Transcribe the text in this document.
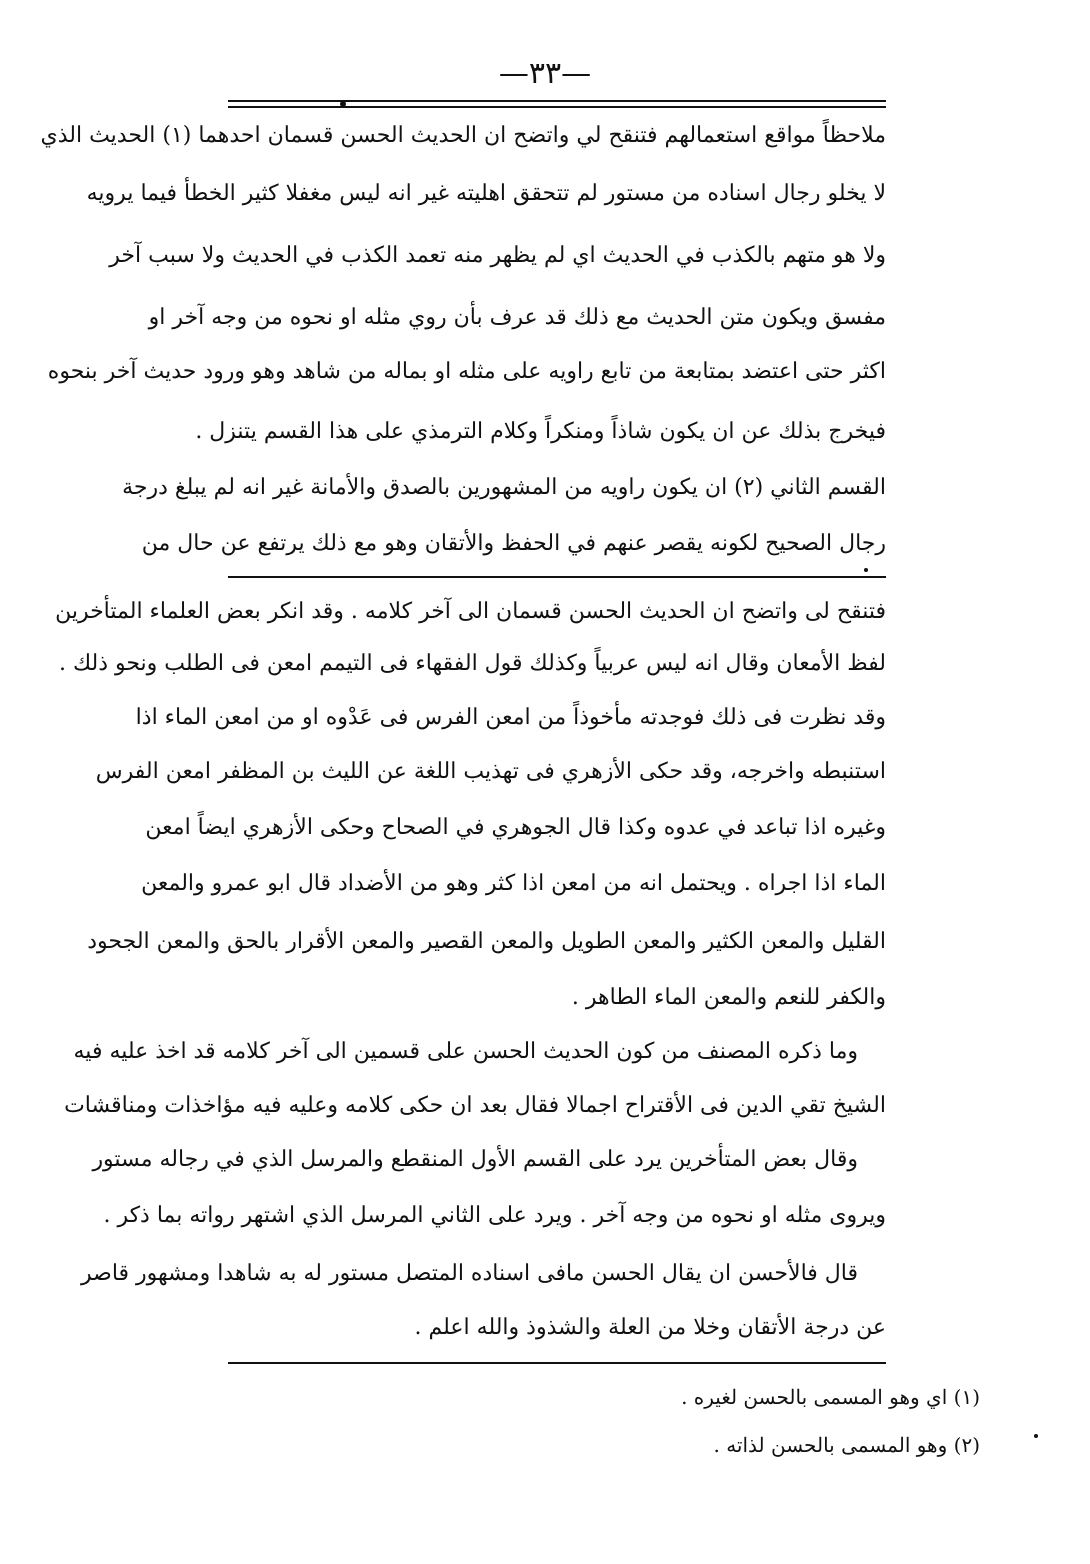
—٣٣—
ملاحظاً مواقع استعمالهم فتنقح لي واتضح ان الحديث الحسن قسمان احدهما (١) الحديث الذي
لا يخلو رجال اسناده من مستور لم تتحقق اهليته غير انه ليس مغفلا كثير الخطأ فيما يرويه
ولا هو متهم بالكذب في الحديث اي لم يظهر منه تعمد الكذب في الحديث ولا سبب آخر
مفسق ويكون متن الحديث مع ذلك قد عرف بأن روي مثله او نحوه من وجه آخر او
اكثر حتى اعتضد بمتابعة من تابع راويه على مثله او بماله من شاهد وهو ورود حديث آخر بنحوه
فيخرج بذلك عن ان يكون شاذاً ومنكراً وكلام الترمذي على هذا القسم يتنزل .
القسم الثاني (٢) ان يكون راويه من المشهورين بالصدق والأمانة غير انه لم يبلغ درجة
رجال الصحيح لكونه يقصر عنهم في الحفظ والأتقان وهو مع ذلك يرتفع عن حال من
فتنقح لى واتضح ان الحديث الحسن قسمان الى آخر كلامه . وقد انكر بعض العلماء المتأخرين
لفظ الأمعان وقال انه ليس عربياً وكذلك قول الفقهاء فى التيمم امعن فى الطلب ونحو ذلك .
وقد نظرت فى ذلك فوجدته مأخوذاً من امعن الفرس فى عَدْوه او من امعن الماء اذا
استنبطه واخرجه، وقد حكى الأزهري فى تهذيب اللغة عن الليث بن المظفر امعن الفرس
وغيره اذا تباعد في عدوه وكذا قال الجوهري في الصحاح وحكى الأزهري ايضاً امعن
الماء اذا اجراه . ويحتمل انه من امعن اذا كثر وهو من الأضداد قال ابو عمرو والمعن
القليل والمعن الكثير والمعن الطويل والمعن القصير والمعن الأقرار بالحق والمعن الجحود
والكفر للنعم والمعن الماء الطاهر .
وما ذكره المصنف من كون الحديث الحسن على قسمين الى آخر كلامه قد اخذ عليه فيه
الشيخ تقي الدين فى الأقتراح اجمالا فقال بعد ان حكى كلامه وعليه فيه مؤاخذات ومناقشات
وقال بعض المتأخرين يرد على القسم الأول المنقطع والمرسل الذي في رجاله مستور
ويروى مثله او نحوه من وجه آخر . ويرد على الثاني المرسل الذي اشتهر رواته بما ذكر .
قال فالأحسن ان يقال الحسن مافى اسناده المتصل مستور له به شاهدا ومشهور قاصر
عن درجة الأتقان وخلا من العلة والشذوذ والله اعلم .
(١) اي وهو المسمى بالحسن لغيره .
(٢) وهو المسمى بالحسن لذاته .
